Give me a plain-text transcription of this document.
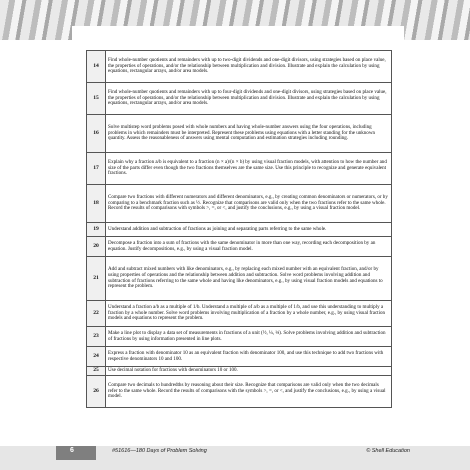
14	Find whole-number quotients and remainders with up to two-digit dividends and one-digit divisors, using strategies based on place value, the properties of operations, and/or the relationship between multiplication and division. Illustrate and explain the calculation by using equations, rectangular arrays, and/or area models.
15	Find whole-number quotients and remainders with up to four-digit dividends and one-digit divisors, using strategies based on place value, the properties of operations, and/or the relationship between multiplication and division. Illustrate and explain the calculation by using equations, rectangular arrays, and/or area models.
16	Solve multistep word problems posed with whole numbers and having whole-number answers using the four operations, including problems in which remainders must be interpreted. Represent these problems using equations with a letter standing for the unknown quantity. Assess the reasonableness of answers using mental computation and estimation strategies including rounding.
17	Explain why a fraction a/b is equivalent to a fraction (n × a)/(n × b) by using visual fraction models, with attention to how the number and size of the parts differ even though the two fractions themselves are the same size. Use this principle to recognize and generate equivalent fractions.
18	Compare two fractions with different numerators and different denominators, e.g., by creating common denominators or numerators, or by comparing to a benchmark fraction such as ½. Recognize that comparisons are valid only when the two fractions refer to the same whole. Record the results of comparisons with symbols >, =, or <, and justify the conclusions, e.g., by using a visual fraction model.
19	Understand addition and subtraction of fractions as joining and separating parts referring to the same whole.
20	Decompose a fraction into a sum of fractions with the same denominator in more than one way, recording each decomposition by an equation. Justify decompositions, e.g., by using a visual fraction model.
21	Add and subtract mixed numbers with like denominators, e.g., by replacing each mixed number with an equivalent fraction, and/or by using properties of operations and the relationship between addition and subtraction. Solve word problems involving addition and subtraction of fractions referring to the same whole and having like denominators, e.g., by using visual fraction models and equations to represent the problem.
22	Understand a fraction a/b as a multiple of 1/b. Understand a multiple of a/b as a multiple of 1/b, and use this understanding to multiply a fraction by a whole number. Solve word problems involving multiplication of a fraction by a whole number, e.g., by using visual fraction models and equations to represent the problem.
23	Make a line plot to display a data set of measurements in fractions of a unit (½, ¼, ⅛). Solve problems involving addition and subtraction of fractions by using information presented in line plots.
24	Express a fraction with denominator 10 as an equivalent fraction with denominator 100, and use this technique to add two fractions with respective denominators 10 and 100.
25	Use decimal notation for fractions with denominators 10 or 100.
26	Compare two decimals to hundredths by reasoning about their size. Recognize that comparisons are valid only when the two decimals refer to the same whole. Record the results of comparisons with the symbols >, =, or <, and justify the conclusions, e.g., by using a visual model.
6	#51616—180 Days of Problem Solving	© Shell Education
